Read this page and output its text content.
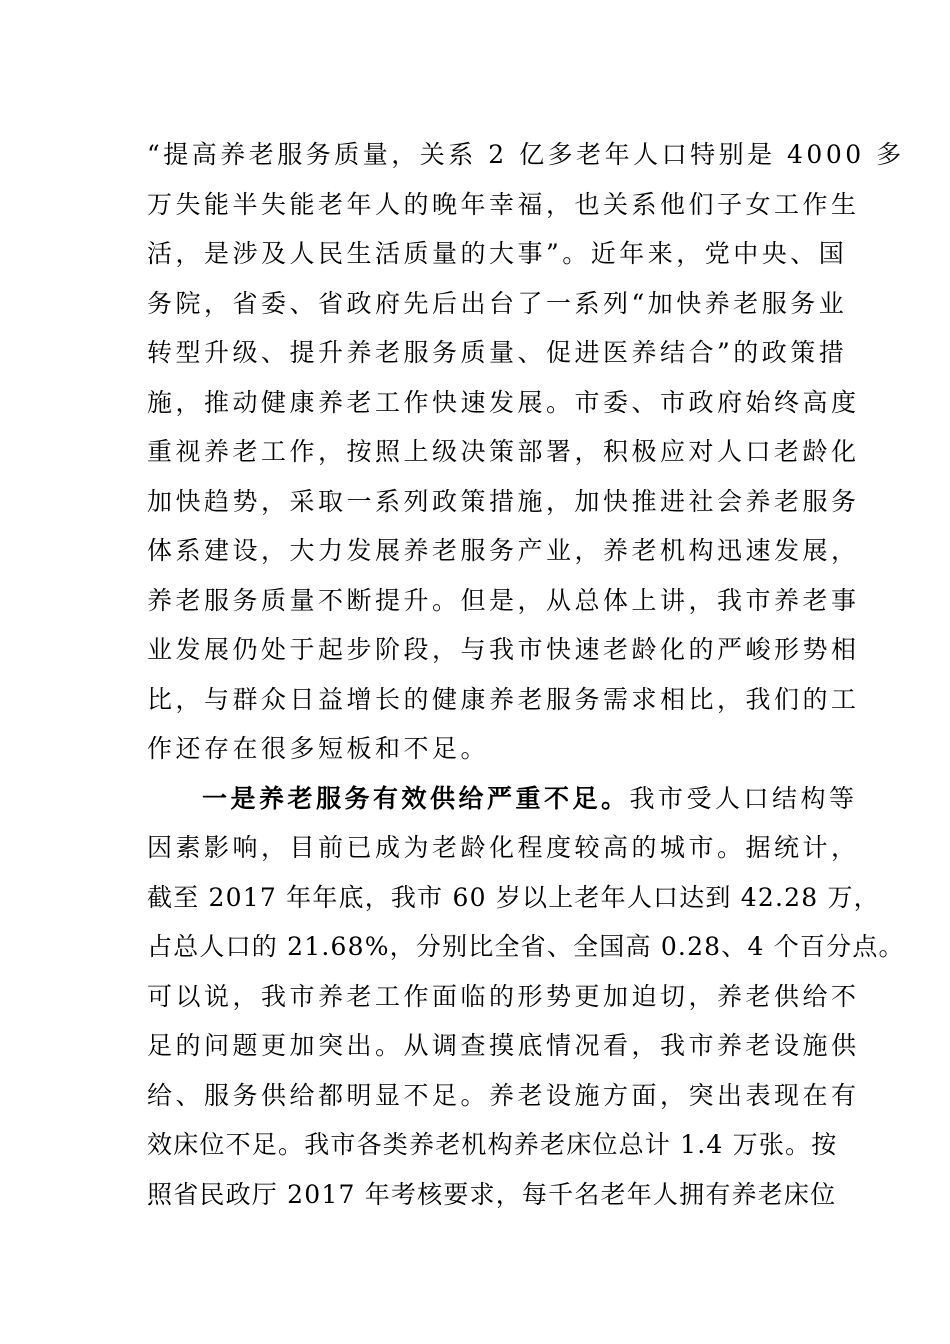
“提高养老服务质量，关系 2 亿多老年人口特别是 4000 多
万失能半失能老年人的晚年幸福，也关系他们子女工作生
活，是涉及人民生活质量的大事”。近年来，党中央、国
务院，省委、省政府先后出台了一系列“加快养老服务业
转型升级、提升养老服务质量、促进医养结合”的政策措
施，推动健康养老工作快速发展。市委、市政府始终高度
重视养老工作，按照上级决策部署，积极应对人口老龄化
加快趋势，采取一系列政策措施，加快推进社会养老服务
体系建设，大力发展养老服务产业，养老机构迅速发展，
养老服务质量不断提升。但是，从总体上讲，我市养老事
业发展仍处于起步阶段，与我市快速老龄化的严峻形势相
比，与群众日益增长的健康养老服务需求相比，我们的工
作还存在很多短板和不足。
一是养老服务有效供给严重不足。我市受人口结构等
因素影响，目前已成为老龄化程度较高的城市。据统计，
截至 2017 年年底，我市 60 岁以上老年人口达到 42.28 万，
占总人口的 21.68%，分别比全省、全国高 0.28、4 个百分点。
可以说，我市养老工作面临的形势更加迫切，养老供给不
足的问题更加突出。从调查摸底情况看，我市养老设施供
给、服务供给都明显不足。养老设施方面，突出表现在有
效床位不足。我市各类养老机构养老床位总计 1.4 万张。按
照省民政厅 2017 年考核要求，每千名老年人拥有养老床位
